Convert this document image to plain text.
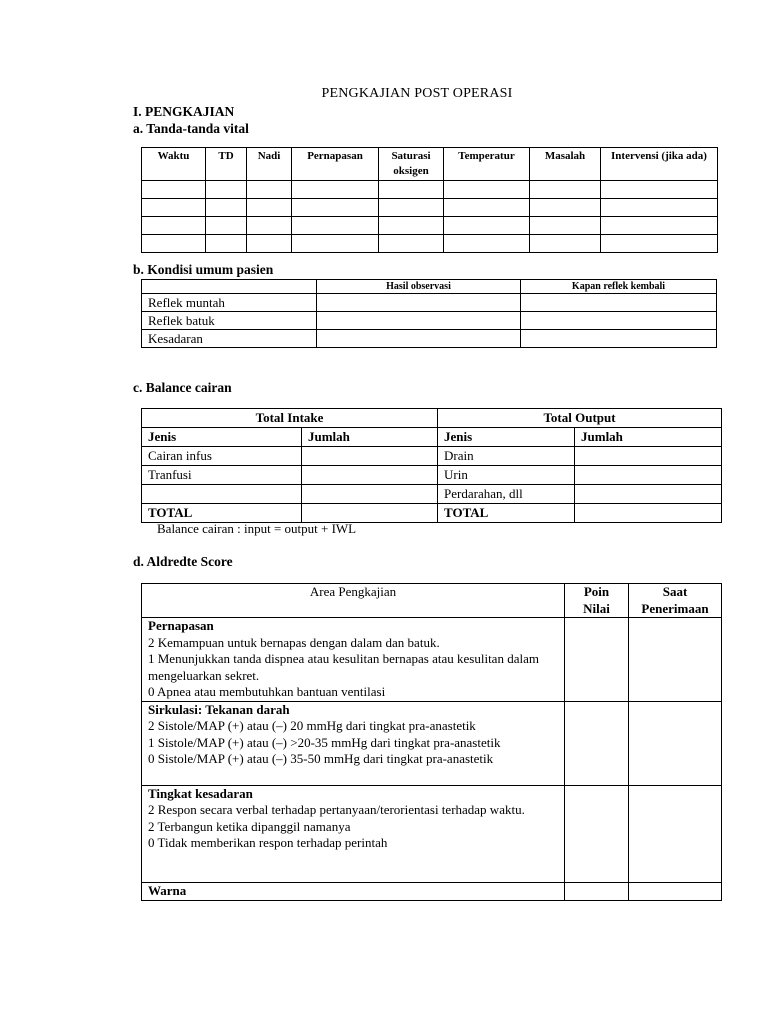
PENGKAJIAN POST OPERASI
I. PENGKAJIAN
a. Tanda-tanda vital
Waktu	TD	Nadi	Pernapasan	Saturasi oksigen	Temperatur	Masalah	Intervensi (jika ada)

b. Kondisi umum pasien
	Hasil observasi	Kapan reflek kembali
Reflek muntah		
Reflek batuk		
Kesadaran		
c. Balance cairan
Total Intake		Total Output	
Jenis	Jumlah	Jenis	Jumlah
Cairan infus		Drain	
Tranfusi		Urin	
		Perdarahan, dll	
TOTAL		TOTAL	
Balance cairan : input = output + IWL
d. Aldredte Score
Area Pengkajian	Poin Nilai	Saat Penerimaan

Pernapasan
2 Kemampuan untuk bernapas dengan dalam dan batuk.
1 Menunjukkan tanda dispnea atau kesulitan bernapas atau kesulitan dalam mengeluarkan sekret.
0 Apnea atau membutuhkan bantuan ventilasi		

Sirkulasi: Tekanan darah
2 Sistole/MAP (+) atau (–) 20 mmHg dari tingkat pra-anastetik
1 Sistole/MAP (+) atau (–) >20-35 mmHg dari tingkat pra-anastetik
0 Sistole/MAP (+) atau (–) 35-50 mmHg dari tingkat pra-anastetik		

Tingkat kesadaran
2 Respon secara verbal terhadap pertanyaan/terorientasi terhadap waktu.
2 Terbangun ketika dipanggil namanya
0 Tidak memberikan respon terhadap perintah		

Warna		
